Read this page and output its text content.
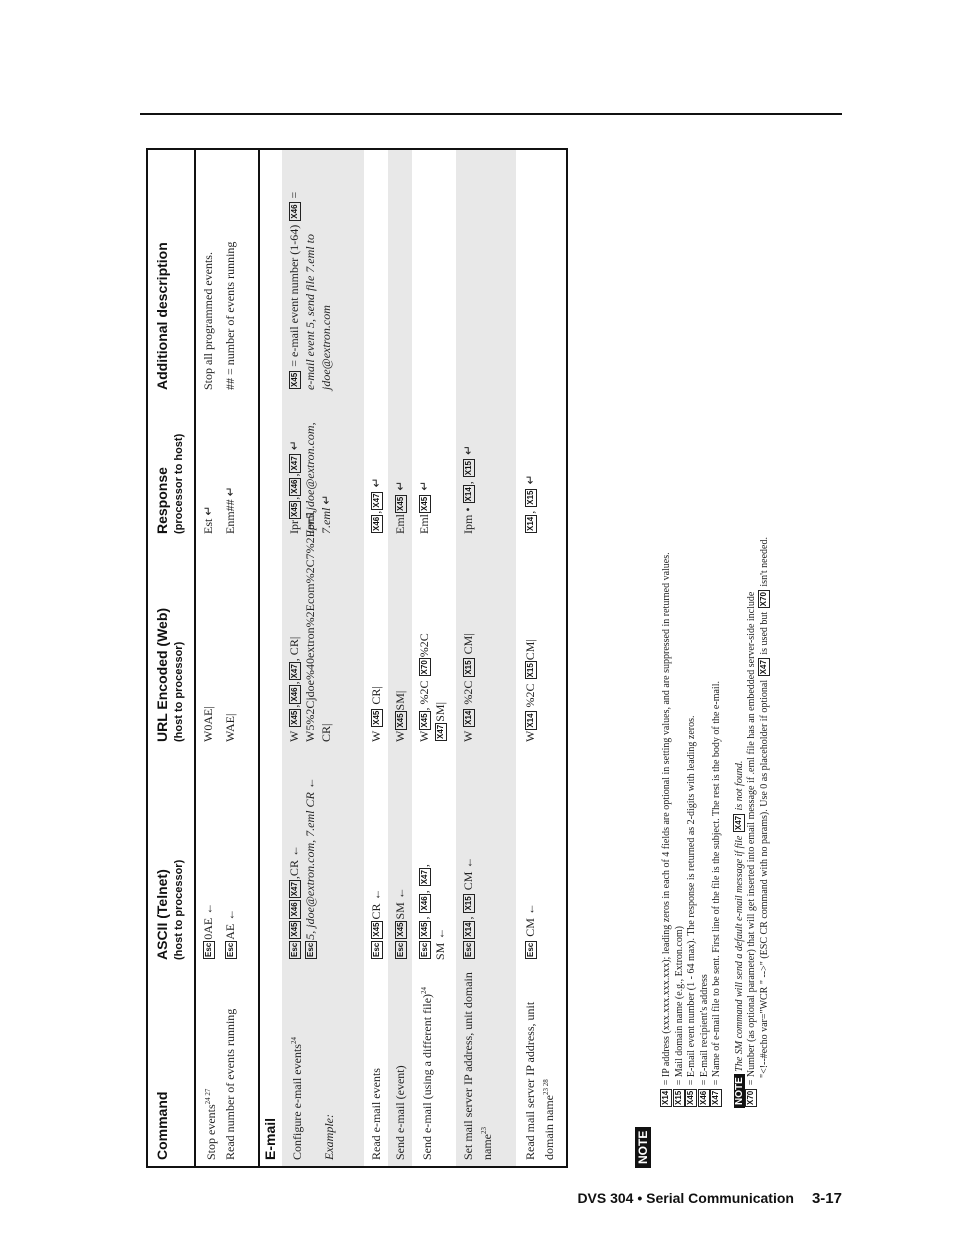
Command
ASCII (Telnet) (host to processor)
URL Encoded (Web) (host to processor)
Response (processor to host)
Additional description
Stop events$^{24 27}$
Esc0AE ←
W0AE|
Est ↵
Stop all programmed events.
Read number of events running
EscAE ←
WAE|
Enm## ↵
## = number of events running
E-mail	Configure e-mail events$^{24}$

Example:
EscX45X46X47,CR ←
Esc5, jdoe@extron.com, 7.eml CR ←
W X45,X46,X47, CR| W5%2Cjdoe%40extron%2Ecom%2C7%2Eeml CR|
IprX45,X46,X47 ↵ Ipr5,jdoe@extron.com, 7.eml ↵
X45 = e-mail event number (1-64) X46 =
e-mail event 5, send file 7.eml to jdoe@extron.com
Read e-mail events
EscX45CR ←
W X45 CR|
X46,X47 ↵
Send e-mail (event)
EscX45SM ←
WX45SM|
EmlX45 ↵
Send e-mail (using a different file)$^{24}$
EscX45, X46, X47,
SM ←
WX45, %2C X70%2C
X47SM|
EmlX45 ↵
Set mail server IP address, unit domain name$^{23}$
EscX14, X15 CM ←
W X14 %2C X15 CM|
Ipm • X14, X15 ↵
Read mail server IP address, unit domain name$^{23 28}$
Esc CM ←
WX14 %2C X15CM|
X14, X15 ↵
NOTE
X14 = IP address (xxx.xxx.xxx.xxx); leading zeros in each of 4 fields are optional in setting values, and are suppressed in returned values.
X15 = Mail domain name (e.g., Extron.com)
X45 = E-mail event number (1 - 64 max). The response is returned as 2-digits with leading zeros.
X46 = E-mail recipient's address
X47 = Name of e-mail file to be sent. First line of the file is the subject. The rest is the body of the e-mail.
NOTE The SM command will send a default e-mail message if file X47 is not found.
X70 = Number (as optional parameter) that will get inserted into email message if .eml file has an embedded server-side include "<!--#echo var="WCR " -->" (ESC CR command with no params). Use 0 as placeholder if optional X47 is used but X70 isn't needed.
DVS 304 • Serial Communication 3-17
